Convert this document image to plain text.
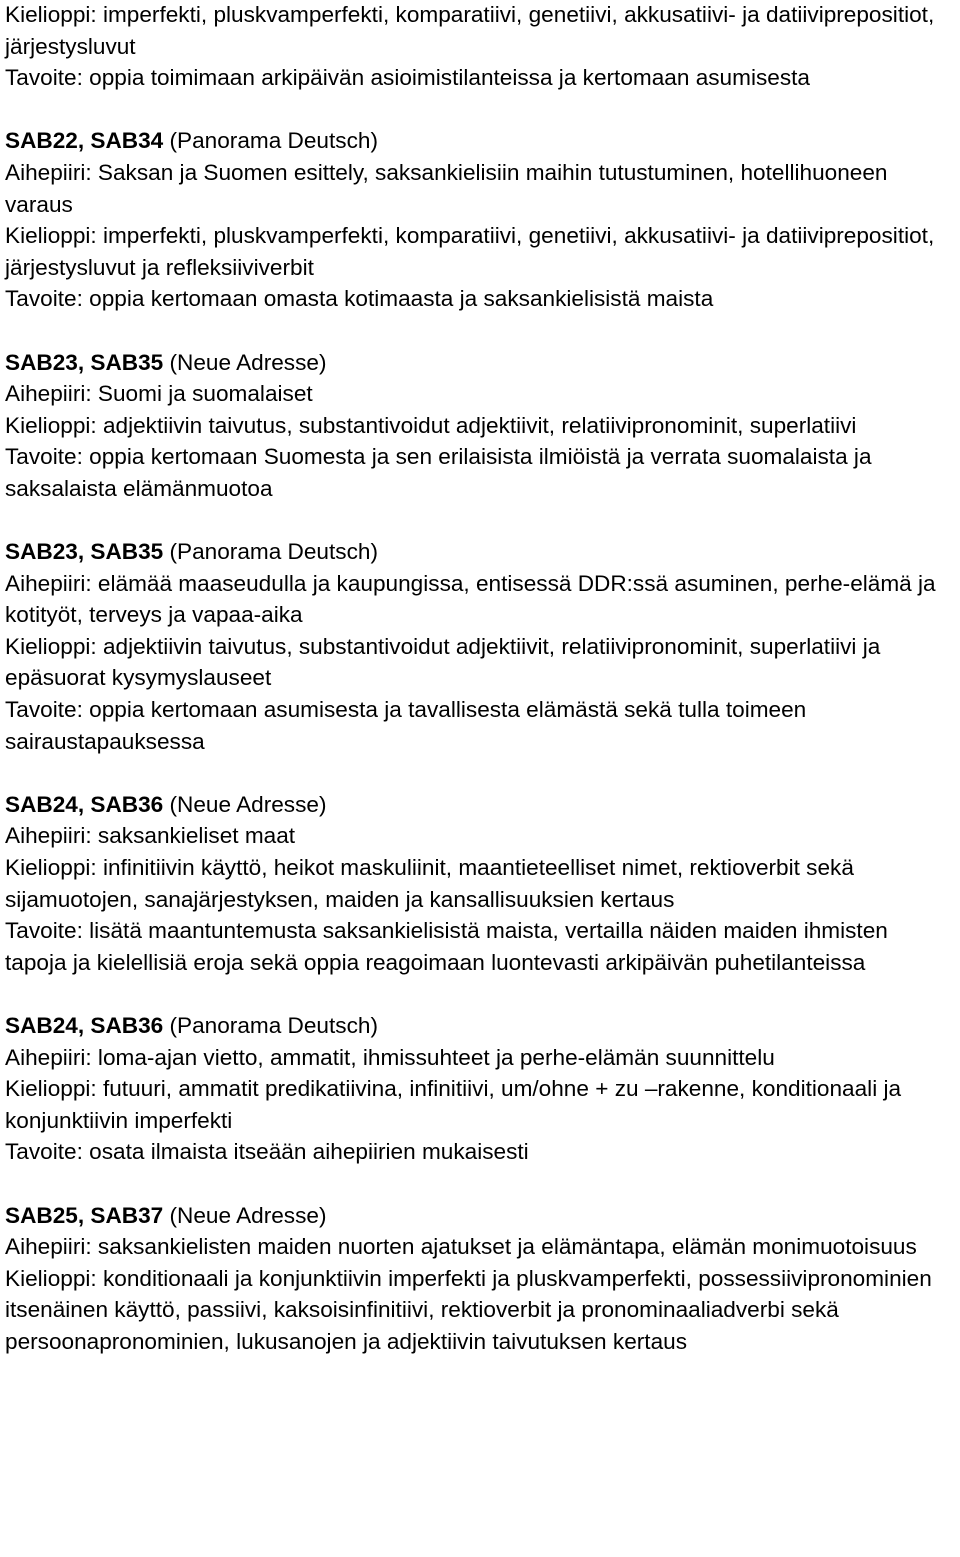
Kielioppi: imperfekti, pluskvamperfekti, komparatiivi, genetiivi, akkusatiivi- ja datiiviprepositiot, järjestysluvut

Tavoite: oppia toimimaan arkipäivän asioimistilanteissa ja kertomaan asumisesta

SAB22, SAB34 (Panorama Deutsch)

Aihepiiri: Saksan ja Suomen esittely, saksankielisiin maihin tutustuminen, hotellihuoneen varaus

Kielioppi: imperfekti, pluskvamperfekti, komparatiivi, genetiivi, akkusatiivi- ja datiiviprepositiot, järjestysluvut ja refleksiiviverbit

Tavoite: oppia kertomaan omasta kotimaasta ja saksankielisistä maista

SAB23, SAB35 (Neue Adresse)

Aihepiiri: Suomi ja suomalaiset

Kielioppi: adjektiivin taivutus, substantivoidut adjektiivit, relatiivipronominit, superlatiivi

Tavoite: oppia kertomaan Suomesta ja sen erilaisista ilmiöistä ja verrata suomalaista ja saksalaista elämänmuotoa

SAB23, SAB35 (Panorama Deutsch)

Aihepiiri: elämää maaseudulla ja kaupungissa, entisessä DDR:ssä asuminen, perhe-elämä ja kotityöt, terveys ja vapaa-aika

Kielioppi: adjektiivin taivutus, substantivoidut adjektiivit, relatiivipronominit, superlatiivi ja epäsuorat kysymyslauseet

Tavoite: oppia kertomaan asumisesta ja tavallisesta elämästä sekä tulla toimeen sairaustapauksessa

SAB24, SAB36 (Neue Adresse)

Aihepiiri: saksankieliset maat

Kielioppi: infinitiivin käyttö, heikot maskuliinit, maantieteelliset nimet, rektioverbit sekä sijamuotojen, sanajärjestyksen, maiden ja kansallisuuksien kertaus

Tavoite: lisätä maantuntemusta saksankielisistä maista, vertailla näiden maiden ihmisten tapoja ja kielellisiä eroja sekä oppia reagoimaan luontevasti arkipäivän puhetilanteissa

SAB24, SAB36 (Panorama Deutsch)

Aihepiiri: loma-ajan vietto, ammatit, ihmissuhteet ja perhe-elämän suunnittelu

Kielioppi: futuuri, ammatit predikatiivina, infinitiivi, um/ohne + zu –rakenne, konditionaali ja konjunktiivin imperfekti

Tavoite: osata ilmaista itseään aihepiirien mukaisesti

SAB25, SAB37 (Neue Adresse)

Aihepiiri: saksankielisten maiden nuorten ajatukset ja elämäntapa, elämän monimuotoisuus

Kielioppi: konditionaali ja konjunktiivin imperfekti ja pluskvamperfekti, possessiivipronominien itsenäinen käyttö, passiivi, kaksoisinfinitiivi, rektioverbit ja pronominaaliadverbi sekä persoonapronominien, lukusanojen ja adjektiivin taivutuksen kertaus
